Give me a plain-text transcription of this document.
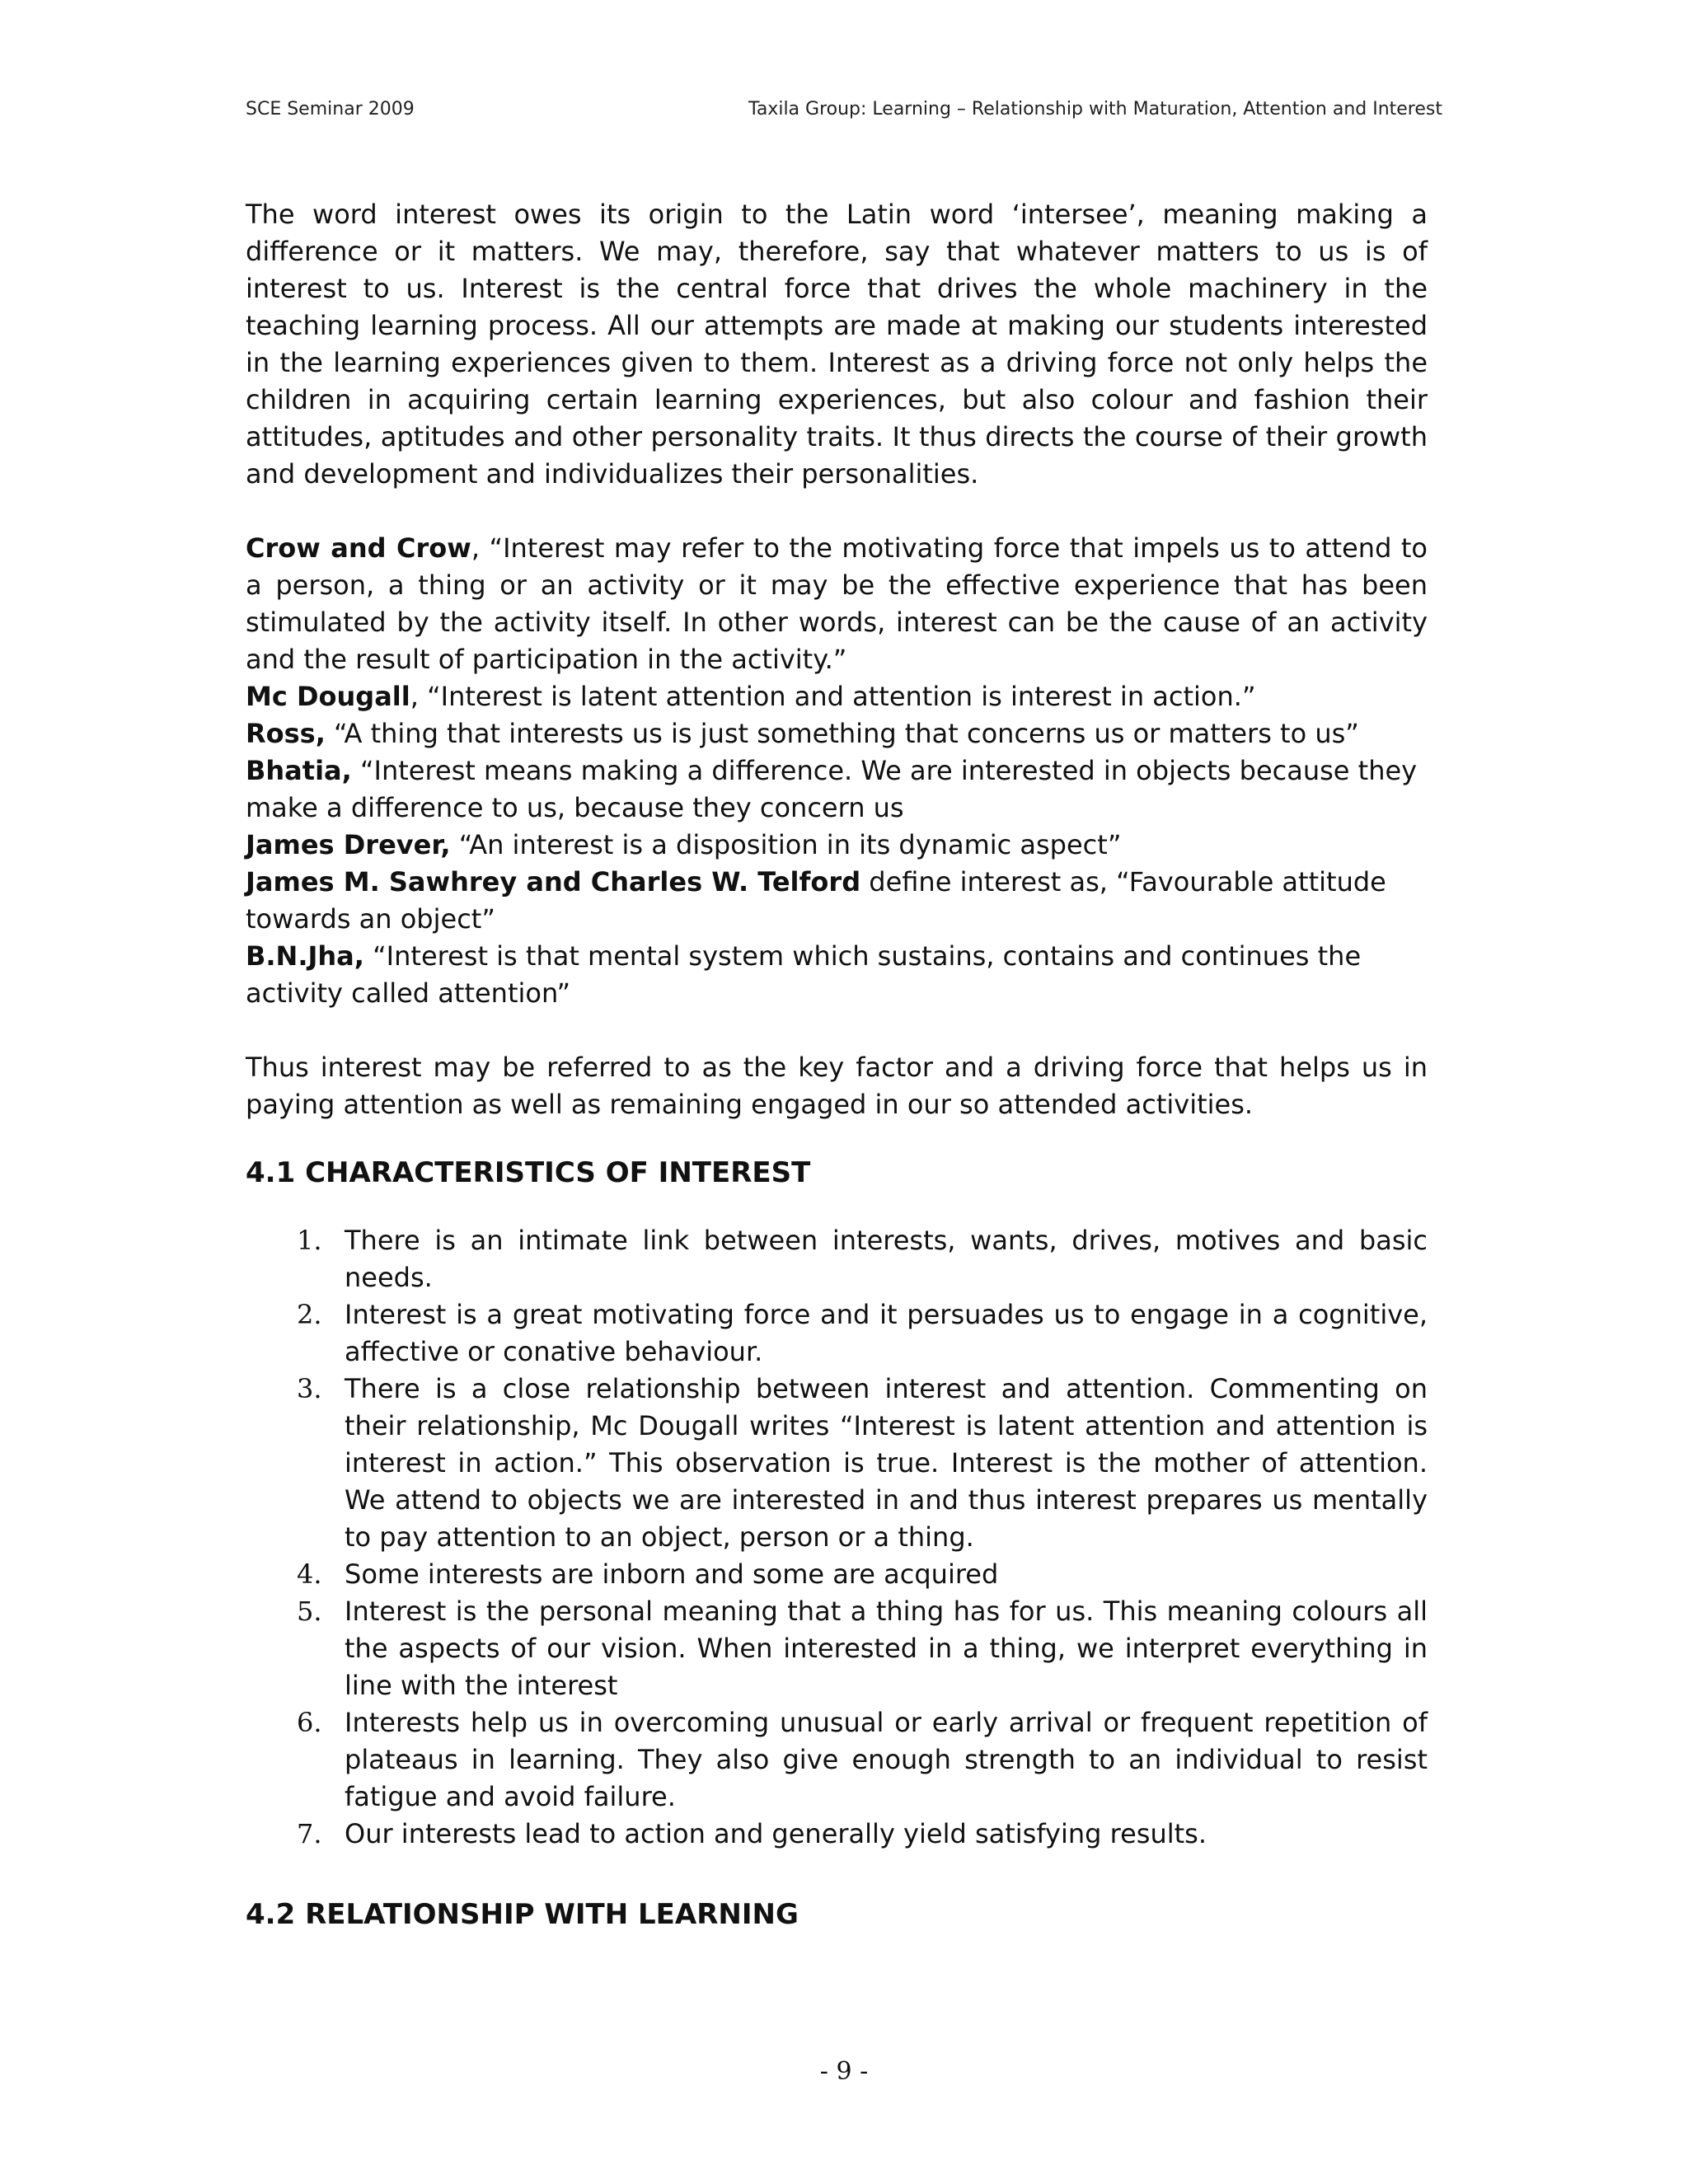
SCE Seminar 2009	Taxila Group: Learning – Relationship with Maturation, Attention and Interest

The word interest owes its origin to the Latin word ‘intersee’, meaning making a difference or it matters. We may, therefore, say that whatever matters to us is of interest to us. Interest is the central force that drives the whole machinery in the teaching learning process. All our attempts are made at making our students interested in the learning experiences given to them. Interest as a driving force not only helps the children in acquiring certain learning experiences, but also colour and fashion their attitudes, aptitudes and other personality traits. It thus directs the course of their growth and development and individualizes their personalities.

Crow and Crow, “Interest may refer to the motivating force that impels us to attend to a person, a thing or an activity or it may be the effective experience that has been stimulated by the activity itself. In other words, interest can be the cause of an activity and the result of participation in the activity.”

Mc Dougall, “Interest is latent attention and attention is interest in action.”

Ross, “A thing that interests us is just something that concerns us or matters to us”

Bhatia, “Interest means making a difference. We are interested in objects because they make a difference to us, because they concern us

James Drever, “An interest is a disposition in its dynamic aspect”

James M. Sawhrey and Charles W. Telford define interest as, “Favourable attitude towards an object”

B.N.Jha, “Interest is that mental system which sustains, contains and continues the activity called attention”

Thus interest may be referred to as the key factor and a driving force that helps us in paying attention as well as remaining engaged in our so attended activities.

4.1 CHARACTERISTICS OF INTEREST
1. There is an intimate link between interests, wants, drives, motives and basic needs.
2. Interest is a great motivating force and it persuades us to engage in a cognitive, affective or conative behaviour.
3. There is a close relationship between interest and attention. Commenting on their relationship, Mc Dougall writes “Interest is latent attention and attention is interest in action.” This observation is true. Interest is the mother of attention. We attend to objects we are interested in and thus interest prepares us mentally to pay attention to an object, person or a thing.
4. Some interests are inborn and some are acquired
5. Interest is the personal meaning that a thing has for us. This meaning colours all the aspects of our vision. When interested in a thing, we interpret everything in line with the interest
6. Interests help us in overcoming unusual or early arrival or frequent repetition of plateaus in learning. They also give enough strength to an individual to resist fatigue and avoid failure.
7. Our interests lead to action and generally yield satisfying results.
4.2 RELATIONSHIP WITH LEARNING
- 9 -
